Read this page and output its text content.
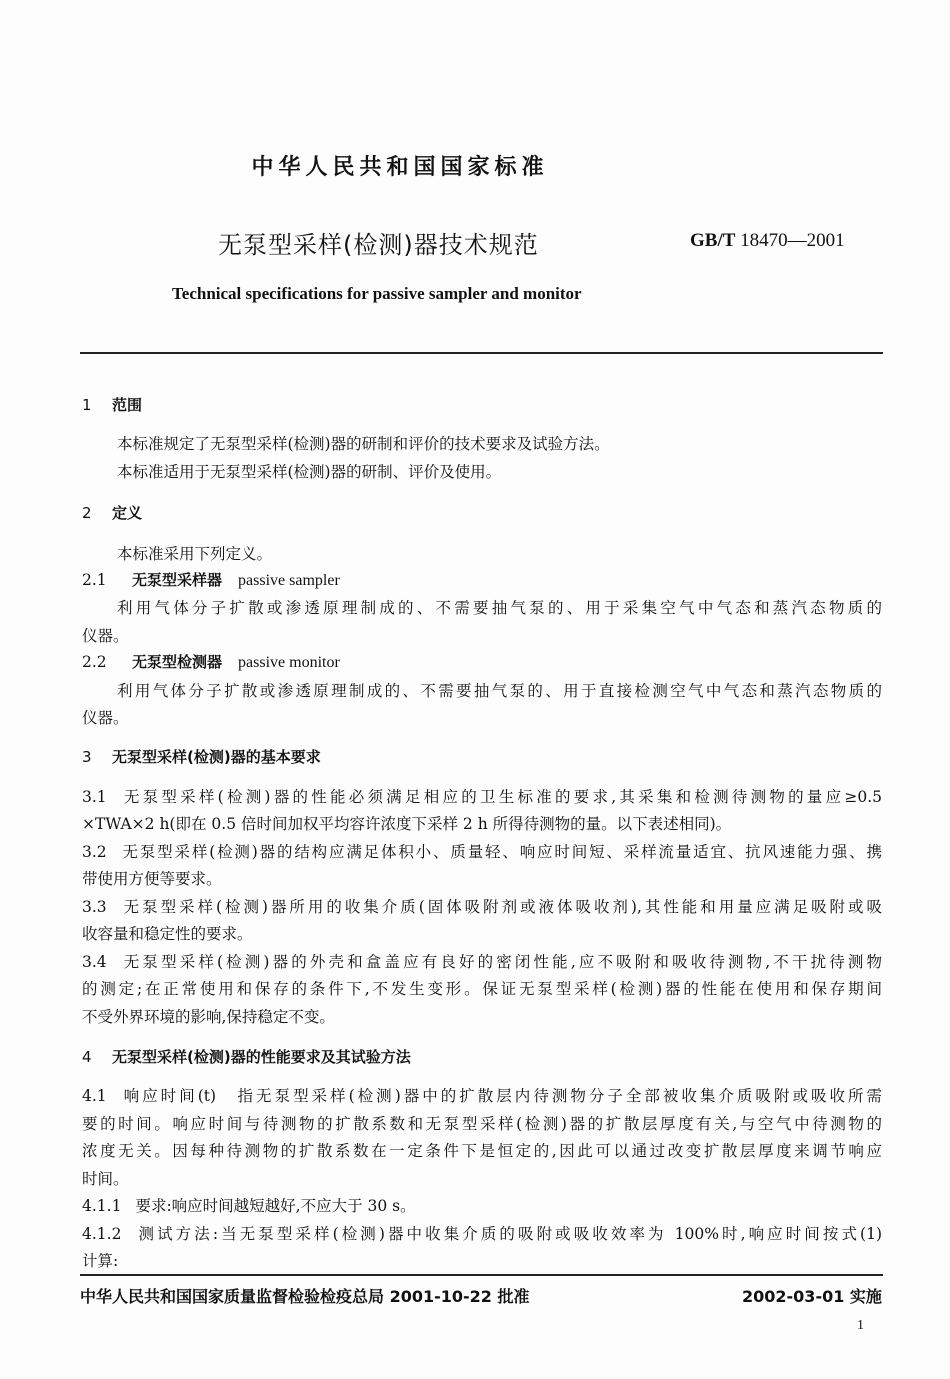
中华人民共和国国家标准
无泵型采样(检测)器技术规范	GB/T 18470—2001
Technical specifications for passive sampler and monitor
1 范围
本标准规定了无泵型采样(检测)器的研制和评价的技术要求及试验方法。
本标准适用于无泵型采样(检测)器的研制、评价及使用。
2 定义
本标准采用下列定义。
2.1 无泵型采样器 passive sampler
利用气体分子扩散或渗透原理制成的、不需要抽气泵的、用于采集空气中气态和蒸汽态物质的
仪器。
2.2 无泵型检测器 passive monitor
利用气体分子扩散或渗透原理制成的、不需要抽气泵的、用于直接检测空气中气态和蒸汽态物质的
仪器。
3 无泵型采样(检测)器的基本要求
3.1 无泵型采样(检测)器的性能必须满足相应的卫生标准的要求,其采集和检测待测物的量应≥0.5
×TWA×2 h(即在 0.5 倍时间加权平均容许浓度下采样 2 h 所得待测物的量。以下表述相同)。
3.2 无泵型采样(检测)器的结构应满足体积小、质量轻、响应时间短、采样流量适宜、抗风速能力强、携
带使用方便等要求。
3.3 无泵型采样(检测)器所用的收集介质(固体吸附剂或液体吸收剂),其性能和用量应满足吸附或吸
收容量和稳定性的要求。
3.4 无泵型采样(检测)器的外壳和盒盖应有良好的密闭性能,应不吸附和吸收待测物,不干扰待测物
的测定;在正常使用和保存的条件下,不发生变形。保证无泵型采样(检测)器的性能在使用和保存期间
不受外界环境的影响,保持稳定不变。
4 无泵型采样(检测)器的性能要求及其试验方法
4.1 响应时间(t)　指无泵型采样(检测)器中的扩散层内待测物分子全部被收集介质吸附或吸收所需
要的时间。响应时间与待测物的扩散系数和无泵型采样(检测)器的扩散层厚度有关,与空气中待测物的
浓度无关。因每种待测物的扩散系数在一定条件下是恒定的,因此可以通过改变扩散层厚度来调节响应
时间。
4.1.1 要求:响应时间越短越好,不应大于 30 s。
4.1.2 测试方法:当无泵型采样(检测)器中收集介质的吸附或吸收效率为 100%时,响应时间按式(1)
计算:
中华人民共和国国家质量监督检验检疫总局 2001-10-22 批准	2002-03-01 实施
1
